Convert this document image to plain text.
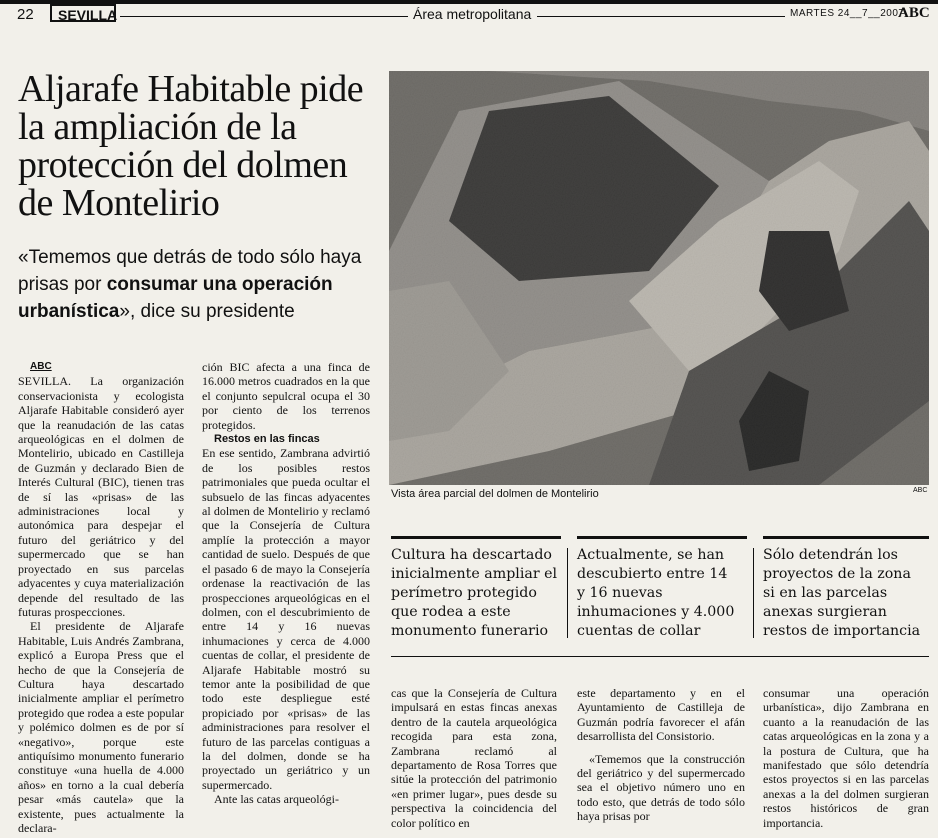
22	SEVILLA	Área metropolitana	MARTES 24__7__2007
ABC
Aljarafe Habitable pide la ampliación de la protección del dolmen de Montelirio

«Tememos que detrás de todo sólo haya prisas por consumar una operación urbanística», dice su presidente

ABC

SEVILLA. La organización conservacionista y ecologista Aljarafe Habitable consideró ayer que la reanudación de las catas arqueológicas en el dolmen de Montelirio, ubicado en Castilleja de Guzmán y declarado Bien de Interés Cultural (BIC), tienen tras de sí las «prisas» de las administraciones local y autonómica para despejar el futuro del geriátrico y del supermercado que se han proyectado en sus parcelas adyacentes y cuya materialización depende del resultado de las futuras prospecciones.

El presidente de Aljarafe Habitable, Luis Andrés Zambrana, explicó a Europa Press que el hecho de que la Consejería de Cultura haya descartado inicialmente ampliar el perímetro protegido que rodea a este popular y polémico dolmen es de por sí «negativo», porque este antiquísimo monumento funerario constituye «una huella de 4.000 años» en torno a la cual debería pesar «más cautela» que la existente, pues actualmente la declara-

ción BIC afecta a una finca de 16.000 metros cuadrados en la que el conjunto sepulcral ocupa el 30 por ciento de los terrenos protegidos.

Restos en las fincas

En ese sentido, Zambrana advirtió de los posibles restos patrimoniales que pueda ocultar el subsuelo de las fincas adyacentes al dolmen de Montelirio y reclamó que la Consejería de Cultura amplíe la protección a mayor cantidad de suelo. Después de que el pasado 6 de mayo la Consejería ordenase la reactivación de las prospecciones arqueológicas en el dolmen, con el descubrimiento de entre 14 y 16 nuevas inhumaciones y cerca de 4.000 cuentas de collar, el presidente de Aljarafe Habitable mostró su temor ante la posibilidad de que todo este despliegue esté propiciado por «prisas» de las administraciones para resolver el futuro de las parcelas contiguas a la del dolmen, donde se ha proyectado un geriátrico y un supermercado.

Ante las catas arqueológi-

Vista área parcial del dolmen de Montelirio	ABC

Cultura ha descartado inicialmente ampliar el perímetro protegido que rodea a este monumento funerario

Actualmente, se han descubierto entre 14 y 16 nuevas inhumaciones y 4.000 cuentas de collar

Sólo detendrán los proyectos de la zona si en las parcelas anexas surgieran restos de importancia

cas que la Consejería de Cultura impulsará en estas fincas anexas dentro de la cautela arqueológica recogida para esta zona, Zambrana reclamó al departamento de Rosa Torres que sitúe la protección del patrimonio «en primer lugar», pues desde su perspectiva la coincidencia del color político en

este departamento y en el Ayuntamiento de Castilleja de Guzmán podría favorecer el afán desarrollista del Consistorio.

«Tememos que la construcción del geriátrico y del supermercado sea el objetivo número uno en todo esto, que detrás de todo sólo haya prisas por

consumar una operación urbanística», dijo Zambrana en cuanto a la reanudación de las catas arqueológicas en la zona y a la postura de Cultura, que ha manifestado que sólo detendría estos proyectos si en las parcelas anexas a la del dolmen surgieran restos históricos de gran importancia.
